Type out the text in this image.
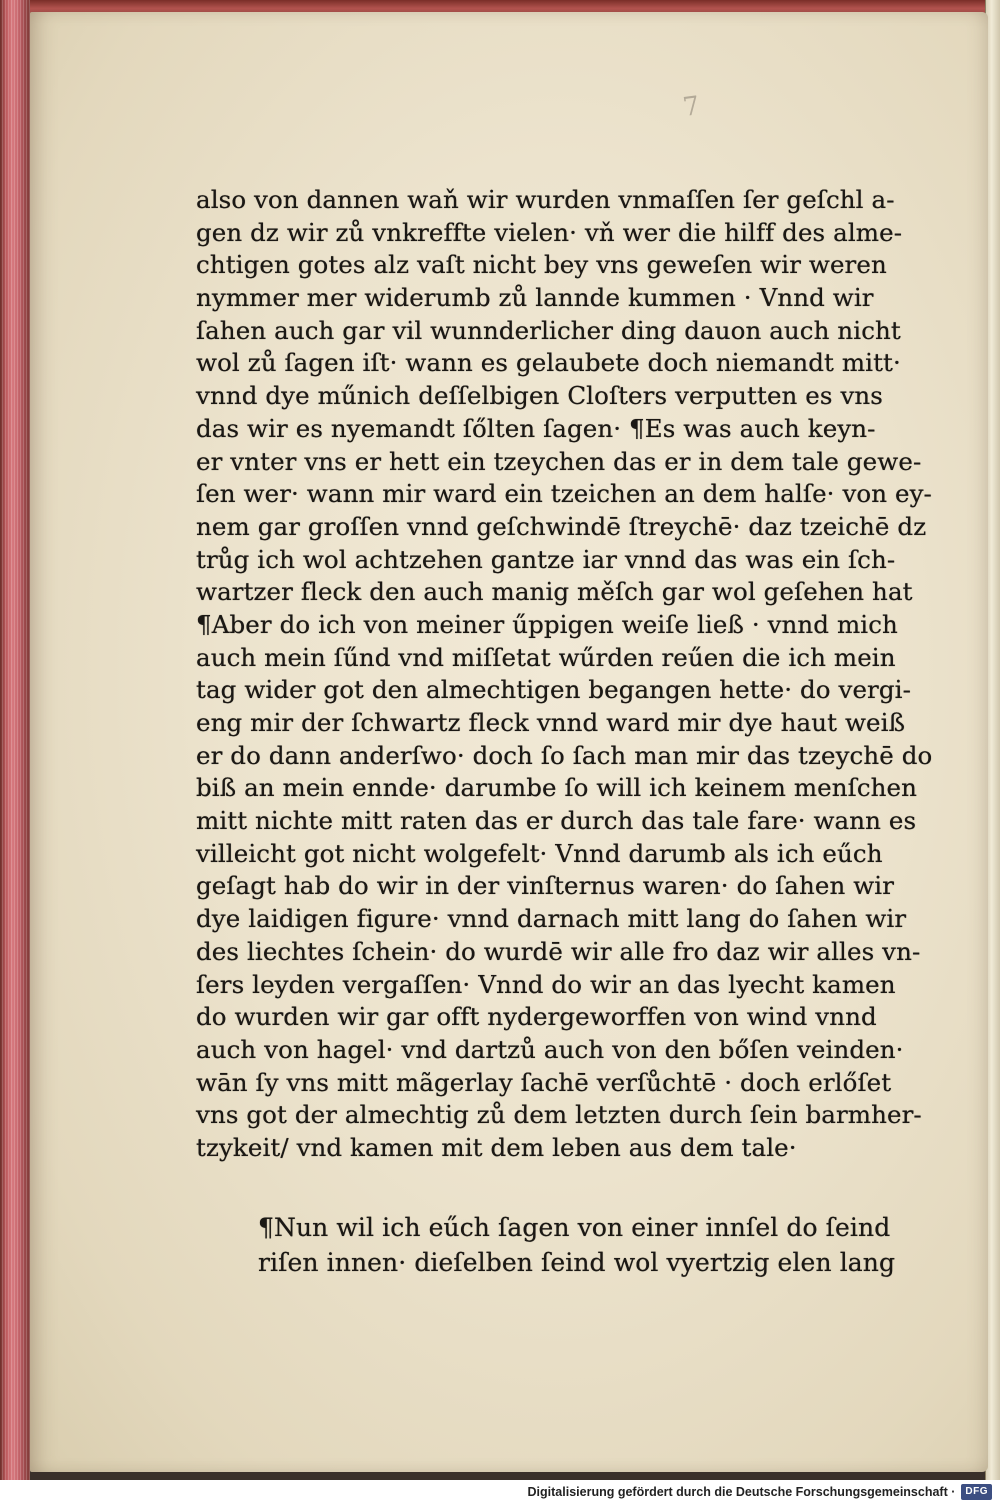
7
also von dannen waň wir wurden vnmaſſen ſer geſchl a-
gen dz wir zů vnkreffte vielen· vň wer die hilff des alme-
chtigen gotes alz vaſt nicht bey vns geweſen wir weren
nymmer mer widerumb zů lannde kummen · Vnnd wir
ſahen auch gar vil wunnderlicher ding dauon auch nicht
wol zů ſagen iſt· wann es gelaubete doch niemandt mitt·
vnnd dye műnich deſſelbigen Cloſters verputten es vns
das wir es nyemandt ſőlten ſagen· ¶Es was auch keyn-
er vnter vns er hett ein tzeychen das er in dem tale gewe-
ſen wer· wann mir ward ein tzeichen an dem halſe· von ey-
nem gar groſſen vnnd geſchwindē ſtreychē· daz tzeichē dz
trůg ich wol achtzehen gantze iar vnnd das was ein ſch-
wartzer fleck den auch manig měſch gar wol geſehen hat
¶Aber do ich von meiner űppigen weiſe ließ · vnnd mich
auch mein ſűnd vnd miſſetat wűrden reűen die ich mein
tag wider got den almechtigen begangen hette· do vergi-
eng mir der ſchwartz fleck vnnd ward mir dye haut weiß
er do dann anderſwo· doch ſo ſach man mir das tzeychē do
biß an mein ennde· darumbe ſo will ich keinem menſchen
mitt nichte mitt raten das er durch das tale fare· wann es
villeicht got nicht wolgefelt· Vnnd darumb als ich eűch
geſagt hab do wir in der vinſternus waren· do ſahen wir
dye laidigen figure· vnnd darnach mitt lang do ſahen wir
des liechtes ſchein· do wurdē wir alle fro daz wir alles vn-
ſers leyden vergaſſen· Vnnd do wir an das lyecht kamen
do wurden wir gar offt nydergeworffen von wind vnnd
auch von hagel· vnd dartzů auch von den bőſen veinden·
wān ſy vns mitt mãgerlay ſachē verſůchtē · doch erlőſet
vns got der almechtig zů dem letzten durch ſein barmher-
tzykeit/ vnd kamen mit dem leben aus dem tale·
¶Nun wil ich eűch ſagen von einer innſel do ſeind
riſen innen· dieſelben ſeind wol vyertzig elen lang
Digitalisierung gefördert durch die Deutsche Forschungsgemeinschaft ·	DFG
